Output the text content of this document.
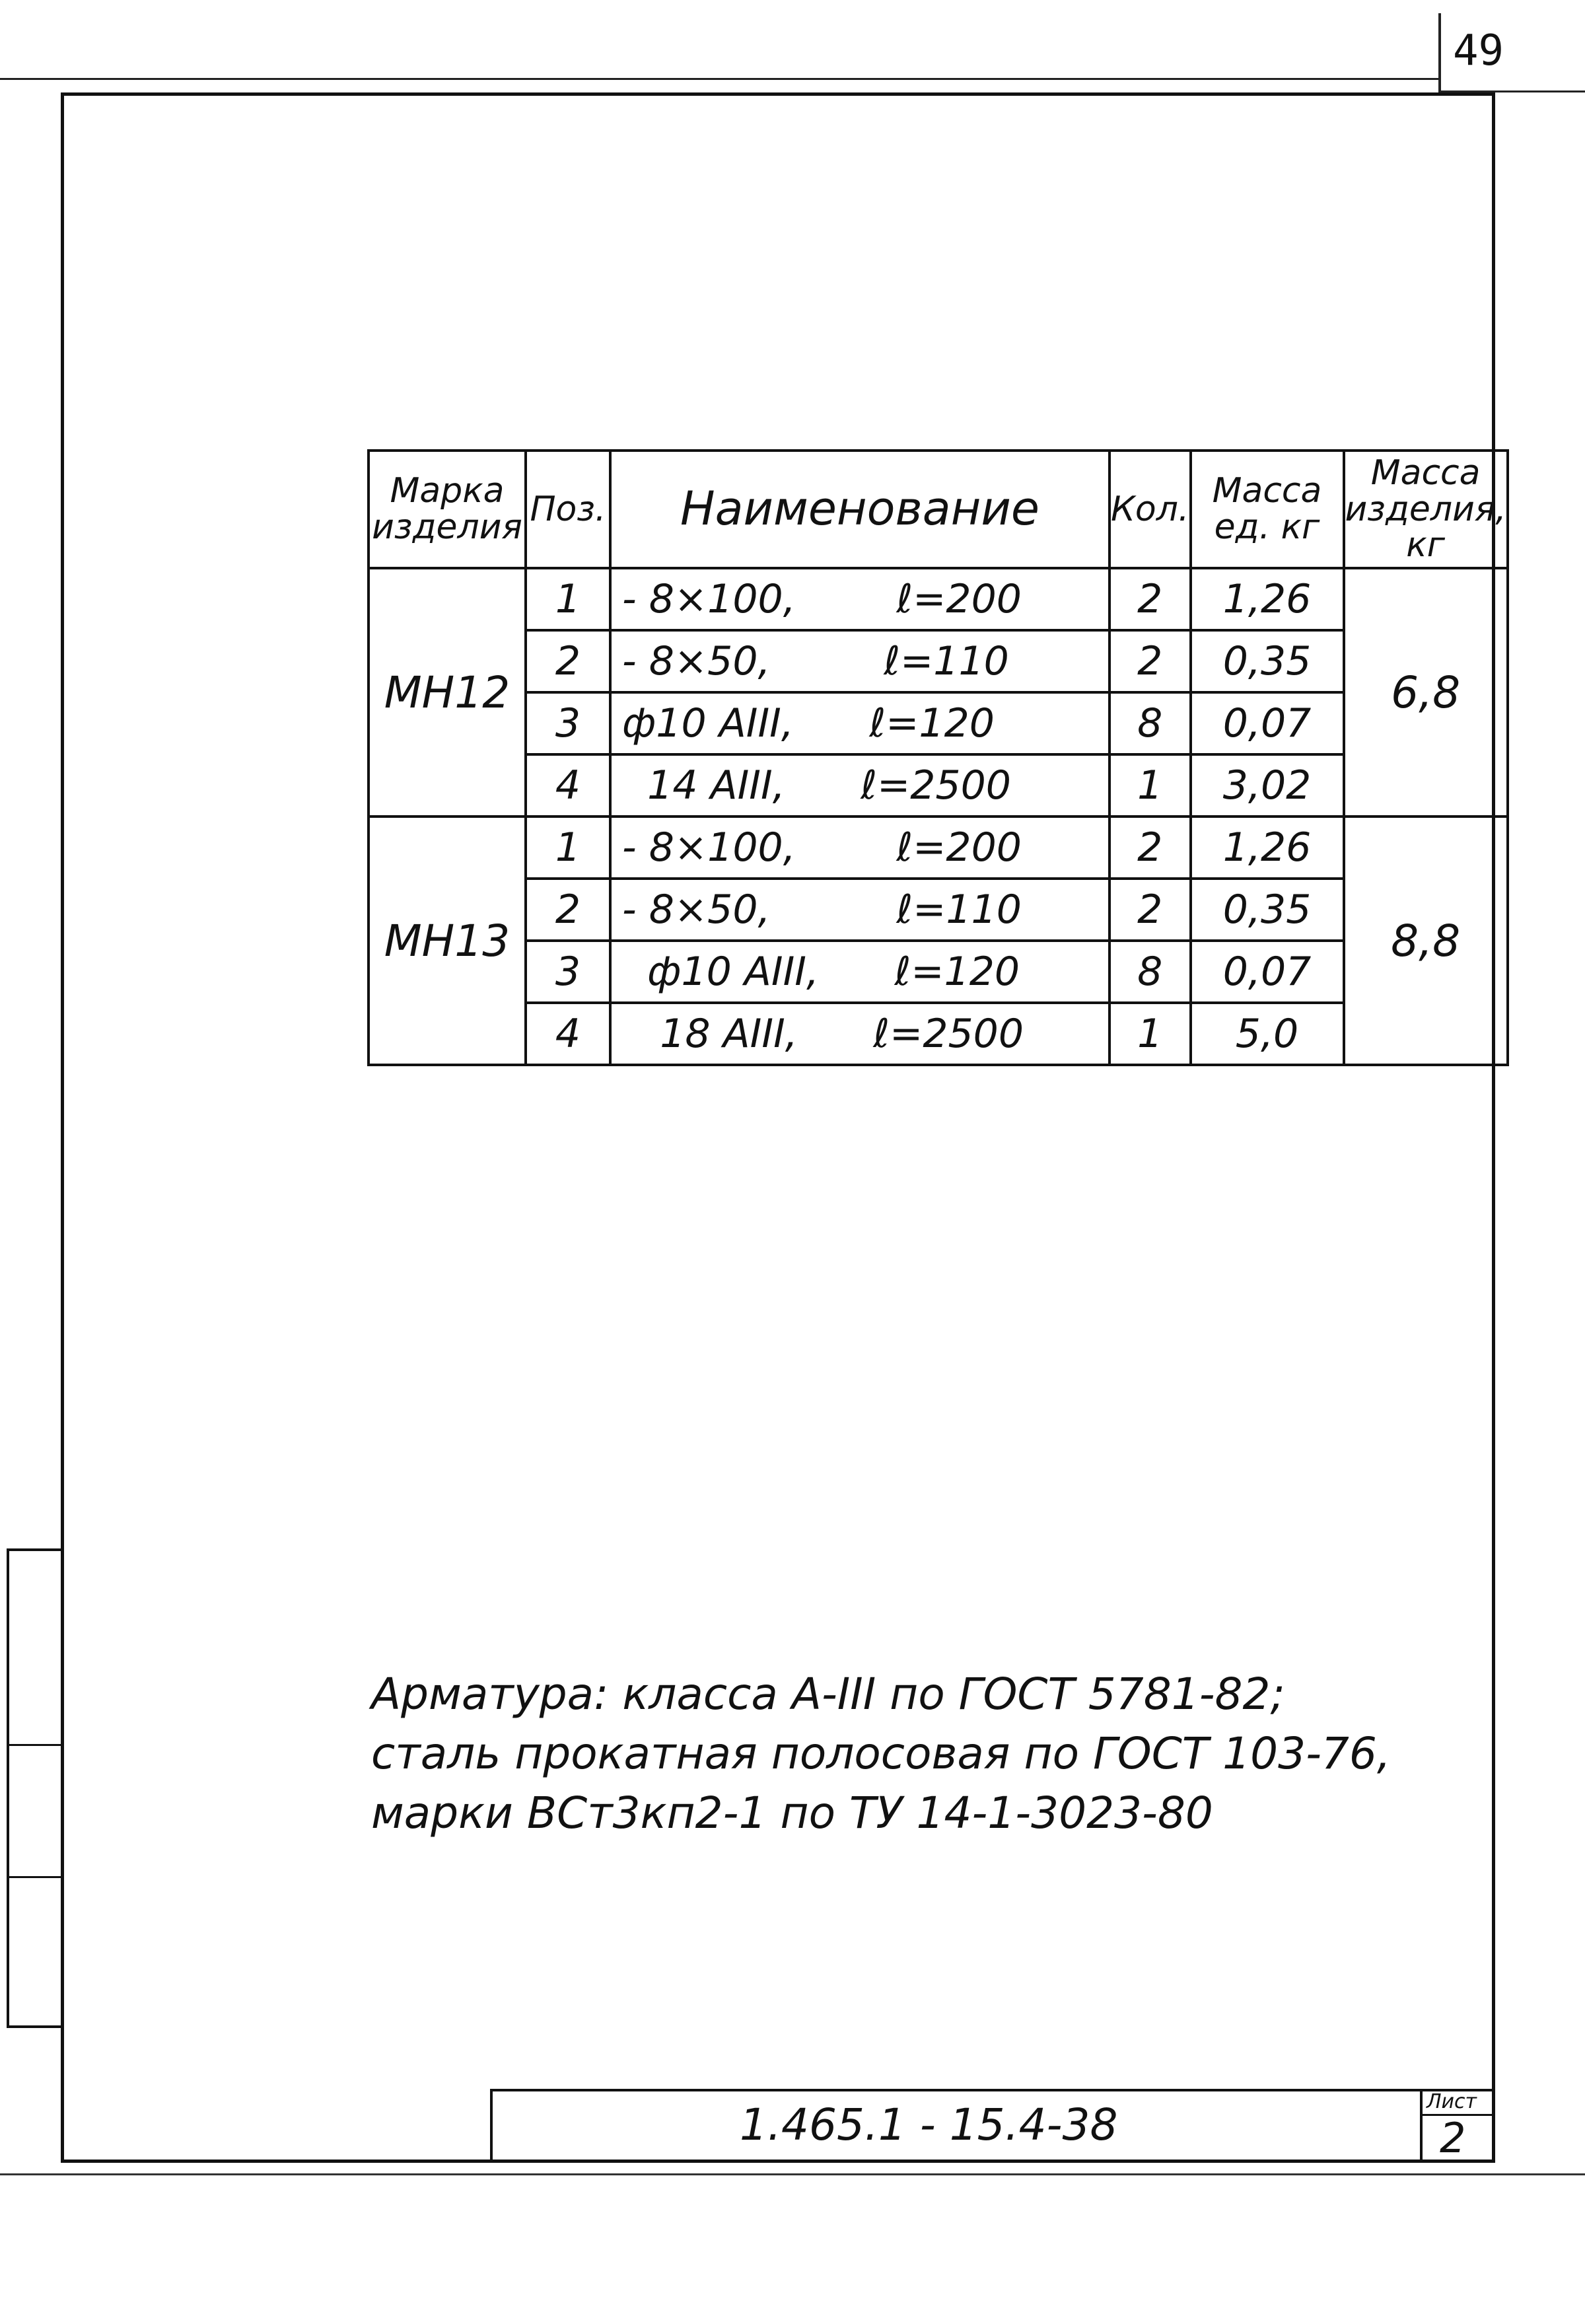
49
Марка изделия	Поз.	Наименование	Кол.	Масса ед. кг	Масса изделия, кг
МН12	1	- 8×100,        ℓ=200	2	1,26	6,8
	2	- 8×50,         ℓ=110	2	0,35	
	3	ф10 АIII,      ℓ=120	8	0,07	
	4	14 АIII,      ℓ=2500	1	3,02	
МН13	1	- 8×100,        ℓ=200	2	1,26	8,8
	2	- 8×50,          ℓ=110	2	0,35	
	3	ф10 АIII,      ℓ=120	8	0,07	
	4	18 АIII,      ℓ=2500	1	5,0	
Арматура: класса А-III по ГОСТ 5781-82;
сталь прокатная полосовая по ГОСТ 103-76,
марки ВСт3кп2-1 по ТУ 14-1-3023-80
1.465.1 - 15.4-38	Лист
2
